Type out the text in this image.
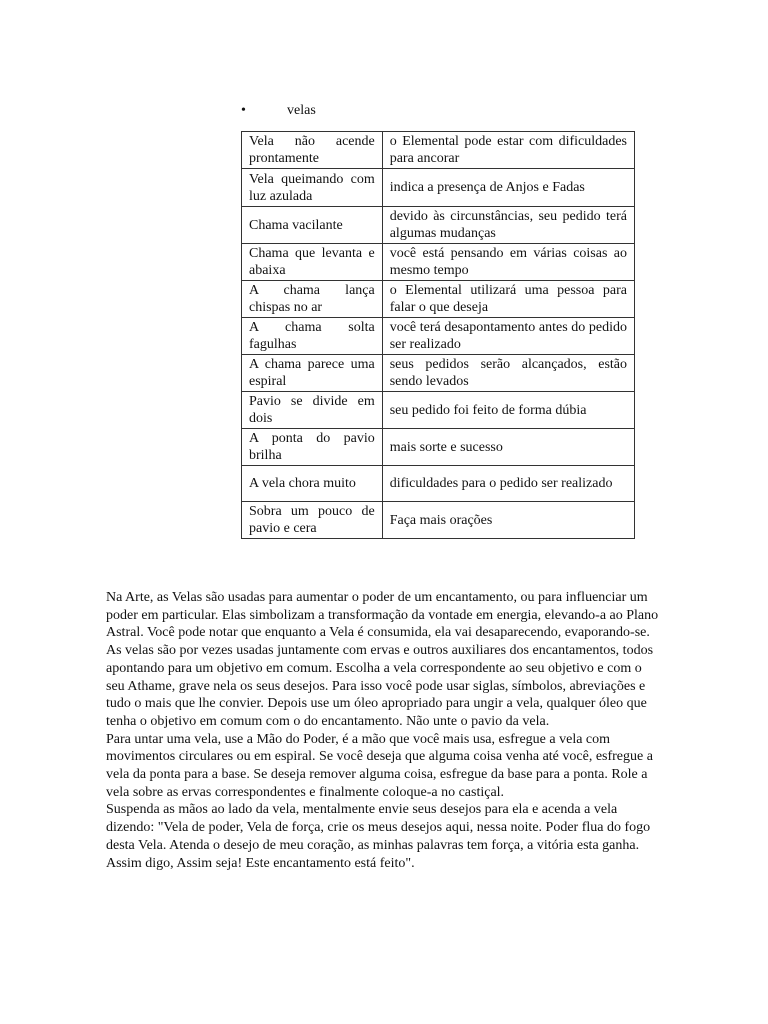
•	velas
Vela não acende prontamente	o Elemental pode estar com dificuldades para ancorar
Vela queimando com luz azulada	indica a presença de Anjos e Fadas
Chama vacilante	devido às circunstâncias, seu pedido terá algumas mudanças
Chama que levanta e abaixa	você está pensando em várias coisas ao mesmo tempo
A chama lança chispas no ar	o Elemental utilizará uma pessoa para falar o que deseja
A chama solta fagulhas	você terá desapontamento antes do pedido ser realizado
A chama parece uma espiral	seus pedidos serão alcançados, estão sendo levados
Pavio se divide em dois	seu pedido foi feito de forma dúbia
A ponta do pavio brilha	mais sorte e sucesso
A vela chora muito	dificuldades para o pedido ser realizado
Sobra um pouco de pavio e cera	Faça mais orações

Na Arte, as Velas são usadas para aumentar o poder de um encantamento, ou para influenciar um poder em particular. Elas simbolizam a transformação da vontade em energia, elevando-a ao Plano Astral. Você pode notar que enquanto a Vela é consumida, ela vai desaparecendo, evaporando-se.

As velas são por vezes usadas juntamente com ervas e outros auxiliares dos encantamentos, todos apontando para um objetivo em comum. Escolha a vela correspondente ao seu objetivo e com o seu Athame, grave nela os seus desejos. Para isso você pode usar siglas, símbolos, abreviações e tudo o mais que lhe convier. Depois use um óleo apropriado para ungir a vela, qualquer óleo que tenha o objetivo em comum com o do encantamento. Não unte o pavio da vela.

Para untar uma vela, use a Mão do Poder, é a mão que você mais usa, esfregue a vela com movimentos circulares ou em espiral. Se você deseja que alguma coisa venha até você, esfregue a vela da ponta para a base. Se deseja remover alguma coisa, esfregue da base para a ponta. Role a vela sobre as ervas correspondentes e finalmente coloque-a no castiçal.

Suspenda as mãos ao lado da vela, mentalmente envie seus desejos para ela e acenda a vela dizendo: "Vela de poder, Vela de força, crie os meus desejos aqui, nessa noite. Poder flua do fogo desta Vela. Atenda o desejo de meu coração, as minhas palavras tem força, a vitória esta ganha. Assim digo, Assim seja! Este encantamento está feito".
